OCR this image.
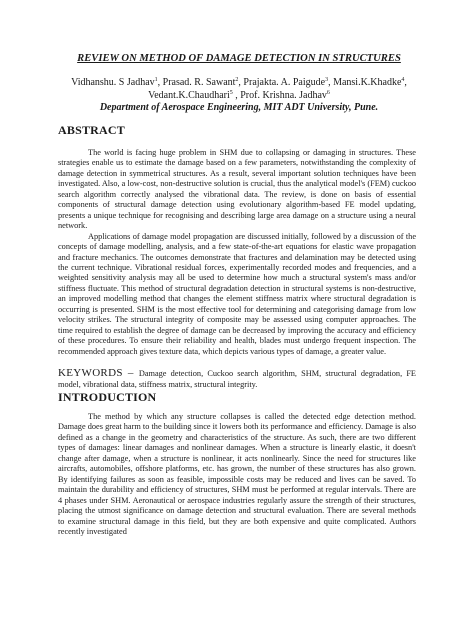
REVIEW ON METHOD OF DAMAGE DETECTION IN STRUCTURES
Vidhanshu. S Jadhav$^1$, Prasad. R. Sawant$^2$, Prajakta. A. Paigude$^3$, Mansi.K.Khadke$^4$,
Vedant.K.Chaudhari$^5$ , Prof. Krishna. Jadhav$^6$
Department of Aerospace Engineering, MIT ADT University, Pune.
ABSTRACT

The world is facing huge problem in SHM due to collapsing or damaging in structures. These strategies enable us to estimate the damage based on a few parameters, notwithstanding the complexity of damage detection in symmetrical structures. As a result, several important solution techniques have been investigated. Also, a low-cost, non-destructive solution is crucial, thus the analytical model's (FEM) cuckoo search algorithm correctly analysed the vibrational data. The review, is done on basis of essential components of structural damage detection using evolutionary algorithm-based FE model updating, presents a unique technique for recognising and describing large area damage on a structure using a neural network.

Applications of damage model propagation are discussed initially, followed by a discussion of the concepts of damage modelling, analysis, and a few state-of-the-art equations for elastic wave propagation and fracture mechanics. The outcomes demonstrate that fractures and delamination may be detected using the current technique. Vibrational residual forces, experimentally recorded modes and frequencies, and a weighted sensitivity analysis may all be used to determine how much a structural system's mass and/or stiffness fluctuate. This method of structural degradation detection in structural systems is non-destructive, an improved modelling method that changes the element stiffness matrix where structural degradation is occurring is presented. SHM is the most effective tool for determining and categorising damage from low velocity strikes. The structural integrity of composite may be assessed using computer approaches. The time required to establish the degree of damage can be decreased by improving the accuracy and efficiency of these procedures. To ensure their reliability and health, blades must undergo frequent inspection. The recommended approach gives texture data, which depicts various types of damage, a greater value.

KEYWORDS – Damage detection, Cuckoo search algorithm, SHM, structural degradation, FE model, vibrational data, stiffness matrix, structural integrity.
INTRODUCTION

The method by which any structure collapses is called the detected edge detection method. Damage does great harm to the building since it lowers both its performance and efficiency. Damage is also defined as a change in the geometry and characteristics of the structure. As such, there are two different types of damages: linear damages and nonlinear damages. When a structure is linearly elastic, it doesn't change after damage, when a structure is nonlinear, it acts nonlinearly. Since the need for structures like aircrafts, automobiles, offshore platforms, etc. has grown, the number of these structures has also grown. By identifying failures as soon as feasible, impossible costs may be reduced and lives can be saved. To maintain the durability and efficiency of structures, SHM must be performed at regular intervals. There are 4 phases under SHM. Aeronautical or aerospace industries regularly assure the strength of their structures, placing the utmost significance on damage detection and structural evaluation. There are several methods to examine structural damage in this field, but they are both expensive and quite complicated. Authors recently investigated
